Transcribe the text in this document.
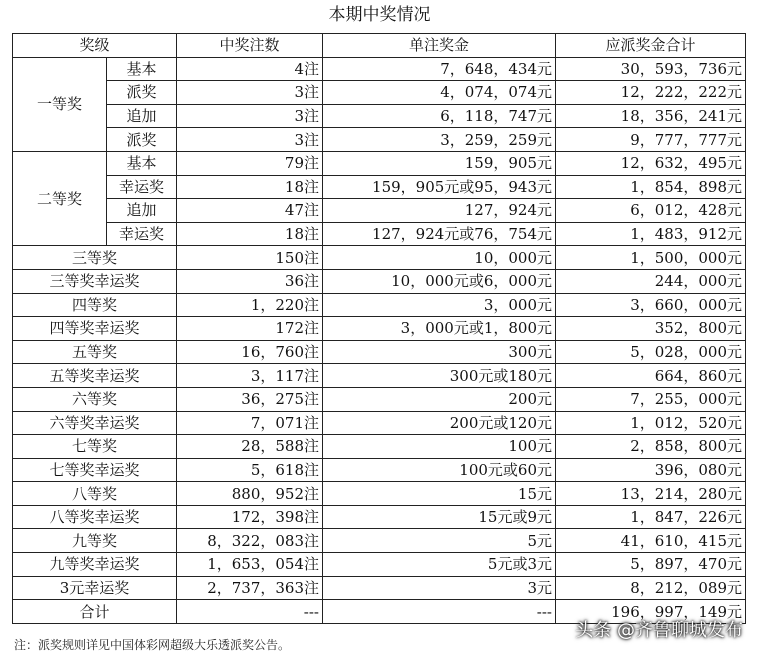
本期中奖情况
奖级		中奖注数	单注奖金	应派奖金合计
一等奖	基本	4注	7，648，434元	30，593，736元
	派奖	3注	4，074，074元	12，222，222元
	追加	3注	6，118，747元	18，356，241元
	派奖	3注	3，259，259元	9，777，777元
二等奖	基本	79注	159，905元	12，632，495元
	幸运奖	18注	159，905元或95，943元	1，854，898元
	追加	47注	127，924元	6，012，428元
	幸运奖	18注	127，924元或76，754元	1，483，912元
三等奖		150注	10，000元	1，500，000元
三等奖幸运奖		36注	10，000元或6，000元	244，000元
四等奖		1，220注	3，000元	3，660，000元
四等奖幸运奖		172注	3，000元或1，800元	352，800元
五等奖		16，760注	300元	5，028，000元
五等奖幸运奖		3，117注	300元或180元	664，860元
六等奖		36，275注	200元	7，255，000元
六等奖幸运奖		7，071注	200元或120元	1，012，520元
七等奖		28，588注	100元	2，858，800元
七等奖幸运奖		5，618注	100元或60元	396，080元
八等奖		880，952注	15元	13，214，280元
八等奖幸运奖		172，398注	15元或9元	1，847，226元
九等奖		8，322，083注	5元	41，610，415元
九等奖幸运奖		1，653，054注	5元或3元	5，897，470元
3元幸运奖		2，737，363注	3元	8，212，089元
合计		---	---	196，997，149元
注：派奖规则详见中国体彩网超级大乐透派奖公告。
头条 @齐鲁聊城发布
